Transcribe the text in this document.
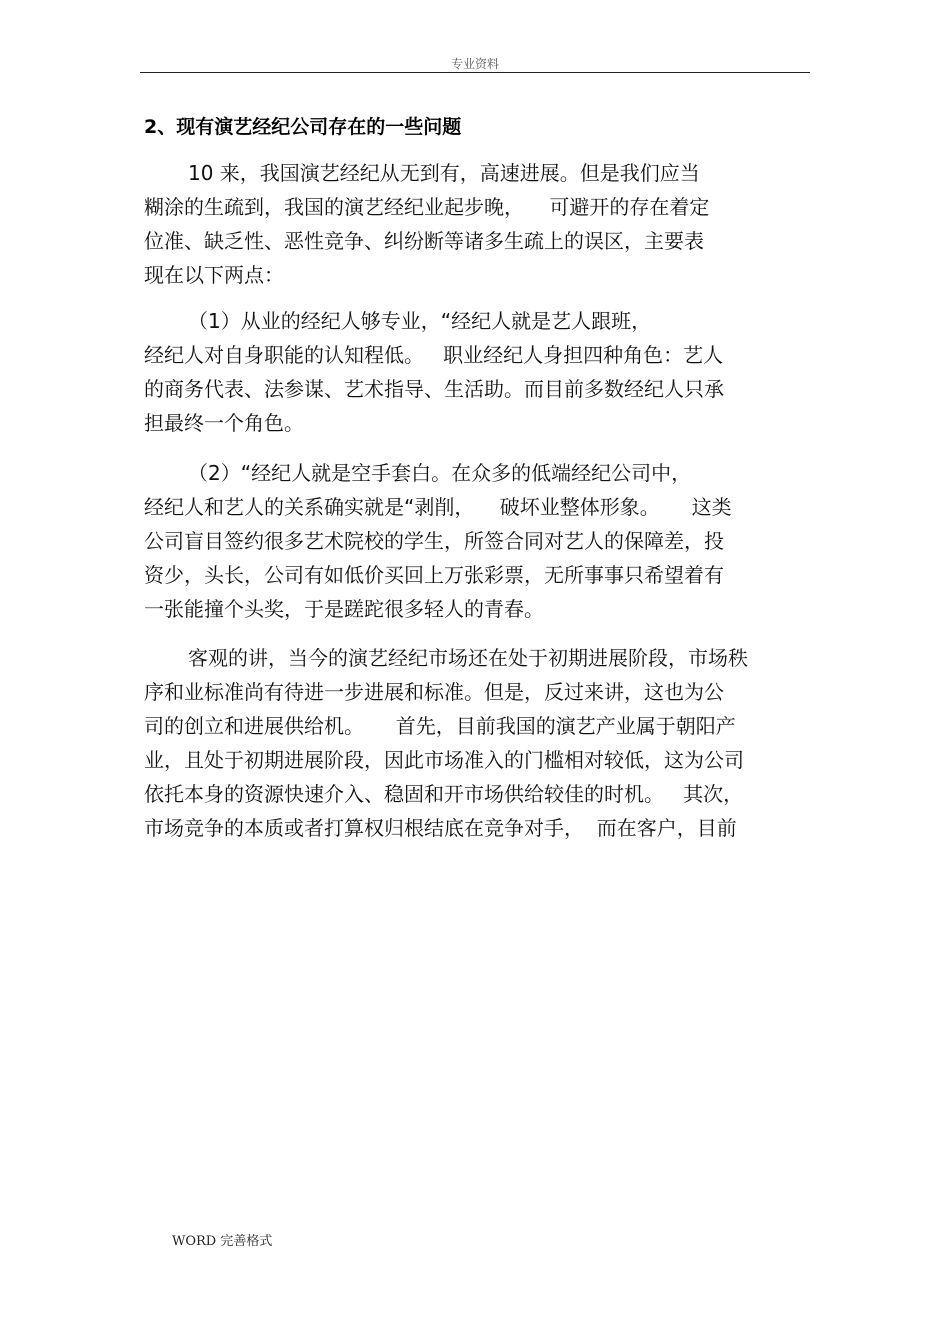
专业资料
2、现有演艺经纪公司存在的一些问题
10 来，我国演艺经纪从无到有，高速进展。但是我们应当
糊涂的生疏到，我国的演艺经纪业起步晚，    可避开的存在着定
位准、缺乏性、恶性竞争、纠纷断等诸多生疏上的误区，主要表
现在以下两点：
（1）从业的经纪人够专业，“经纪人就是艺人跟班，
经纪人对自身职能的认知程低。   职业经纪人身担四种角色：艺人
的商务代表、法参谋、艺术指导、生活助。而目前多数经纪人只承
担最终一个角色。
（2）“经纪人就是空手套白。在众多的低端经纪公司中，
经纪人和艺人的关系确实就是“剥削，    破坏业整体形象。     这类
公司盲目签约很多艺术院校的学生，所签合同对艺人的保障差，投
资少，头长，公司有如低价买回上万张彩票，无所事事只希望着有
一张能撞个头奖，于是蹉跎很多轻人的青春。
客观的讲，当今的演艺经纪市场还在处于初期进展阶段，市场秩
序和业标准尚有待进一步进展和标准。但是，反过来讲，这也为公
司的创立和进展供给机。     首先，目前我国的演艺产业属于朝阳产
业，且处于初期进展阶段，因此市场准入的门槛相对较低，这为公司
依托本身的资源快速介入、稳固和开市场供给较佳的时机。   其次，
市场竞争的本质或者打算权归根结底在竞争对手，  而在客户，目前
WORD 完善格式
